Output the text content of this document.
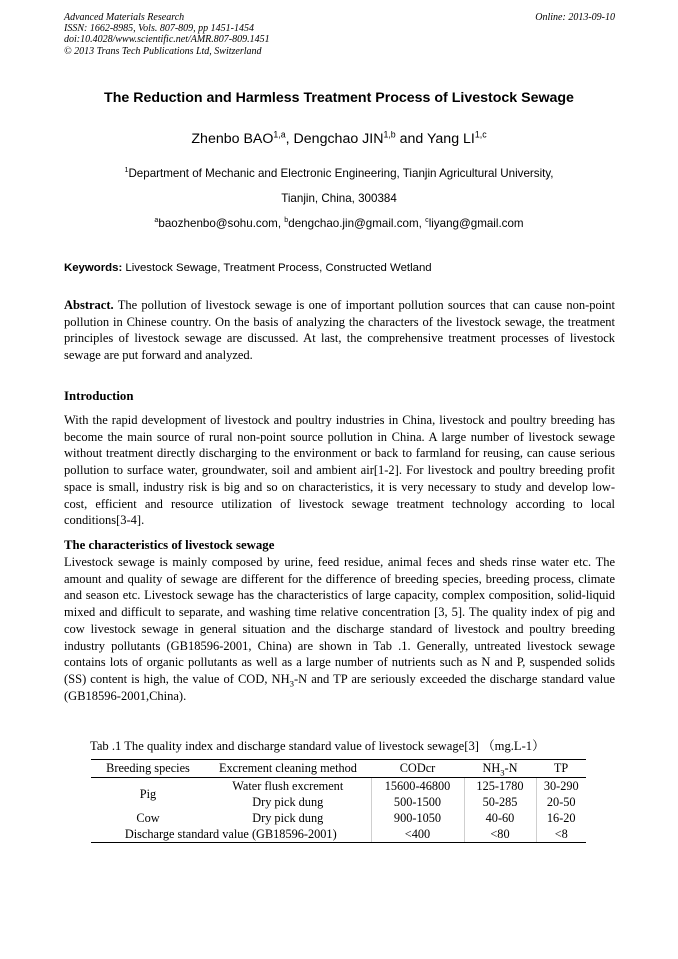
Advanced Materials Research
ISSN: 1662-8985, Vols. 807-809, pp 1451-1454
doi:10.4028/www.scientific.net/AMR.807-809.1451
© 2013 Trans Tech Publications Ltd, Switzerland
Online: 2013-09-10
The Reduction and Harmless Treatment Process of Livestock Sewage
Zhenbo BAO$^{1,a}$, Dengchao JIN$^{1,b}$ and Yang LI$^{1,c}$
$^1$Department of Mechanic and Electronic Engineering, Tianjin Agricultural University,
Tianjin, China, 300384
$^a$baozhenbo@sohu.com, $^b$dengchao.jin@gmail.com, $^c$liyang@gmail.com
Keywords: Livestock Sewage, Treatment Process, Constructed Wetland
Abstract. The pollution of livestock sewage is one of important pollution sources that can cause non-point pollution in Chinese country. On the basis of analyzing the characters of the livestock sewage, the treatment principles of livestock sewage are discussed. At last, the comprehensive treatment processes of livestock sewage are put forward and analyzed.
Introduction
With the rapid development of livestock and poultry industries in China, livestock and poultry breeding has become the main source of rural non-point source pollution in China. A large number of livestock sewage without treatment directly discharging to the environment or back to farmland for reusing, can cause serious pollution to surface water, groundwater, soil and ambient air[1-2]. For livestock and poultry breeding profit space is small, industry risk is big and so on characteristics, it is very necessary to study and develop low-cost, efficient and resource utilization of livestock sewage treatment technology according to local conditions[3-4].
The characteristics of livestock sewage
Livestock sewage is mainly composed by urine, feed residue, animal feces and sheds rinse water etc. The amount and quality of sewage are different for the difference of breeding species, breeding process, climate and season etc. Livestock sewage has the characteristics of large capacity, complex composition, solid-liquid mixed and difficult to separate, and washing time relative concentration [3, 5]. The quality index of pig and cow livestock sewage in general situation and the discharge standard of livestock and poultry breeding industry pollutants (GB18596-2001, China) are shown in Tab .1. Generally, untreated livestock sewage contains lots of organic pollutants as well as a large number of nutrients such as N and P, suspended solids (SS) content is high, the value of COD, $NH_3-N$ and TP are seriously exceeded the discharge standard value (GB18596-2001,China).
Tab .1 The quality index and discharge standard value of livestock sewage[3] （mg.L-1）
Breeding species	Excrement cleaning method	CODcr	$NH_3-N$	TP
Pig	Water flush excrement	15600-46800	125-1780	30-290
	Dry pick dung	500-1500	50-285	20-50
Cow	Dry pick dung	900-1050	40-60	16-20
Discharge standard value (GB18596-2001)		<400	<80	<8
